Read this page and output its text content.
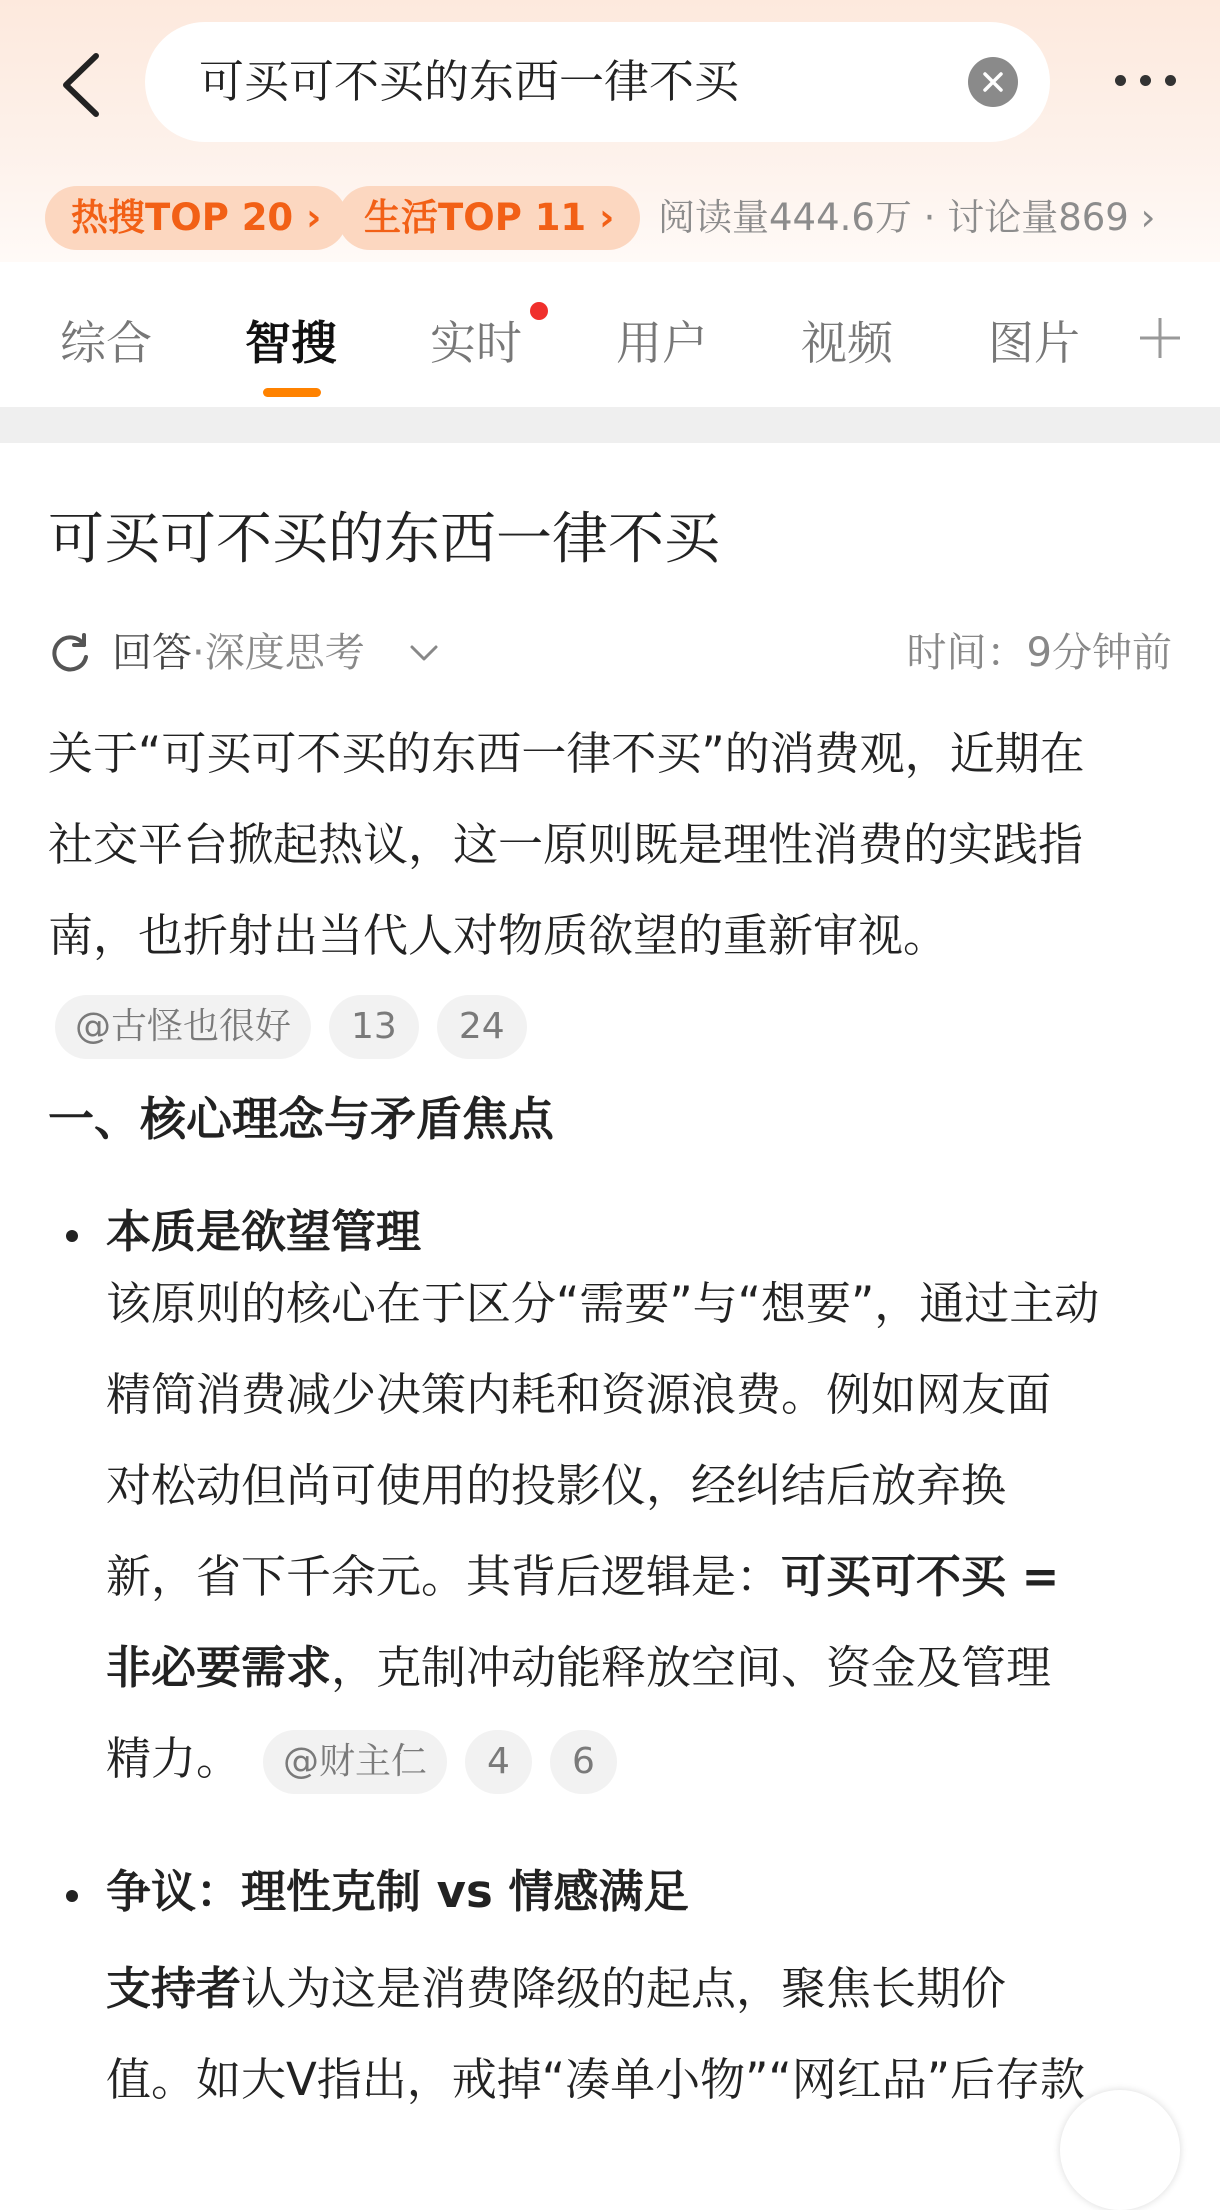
可买可不买的东西一律不买
热搜TOP 20 ›	生活TOP 11 ›	阅读量444.6万 · 讨论量869 ›
综合 智搜 实时 用户 视频 图片
可买可不买的东西一律不买
回答·深度思考	时间：9分钟前
关于“可买可不买的东西一律不买”的消费观，近期在
社交平台掀起热议，这一原则既是理性消费的实践指
南，也折射出当代人对物质欲望的重新审视。
@古怪也很好 13 24
一、核心理念与矛盾焦点
本质是欲望管理
该原则的核心在于区分“需要”与“想要”，通过主动
精简消费减少决策内耗和资源浪费。例如网友面
对松动但尚可使用的投影仪，经纠结后放弃换
新，省下千余元。其背后逻辑是：可买可不买 =
非必要需求，克制冲动能释放空间、资金及管理
精力。 @财主仁 4 6
争议：理性克制 vs 情感满足
支持者认为这是消费降级的起点，聚焦长期价
值。如大V指出，戒掉“凑单小物”“网红品”后存款
